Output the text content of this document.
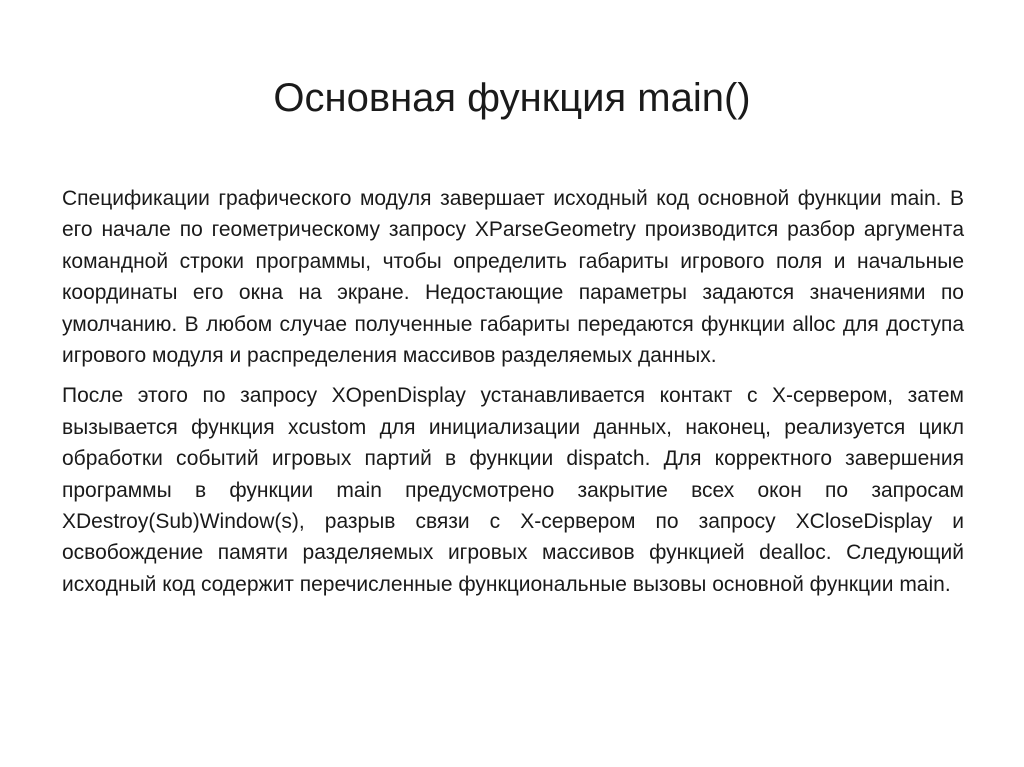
Основная функция main()

Спецификации графического модуля завершает исходный код основной функции main. В его начале по геометрическому запросу XParseGeometry производится разбор аргумента командной строки программы, чтобы определить габариты игрового поля и начальные координаты его окна на экране. Недостающие параметры задаются значениями по умолчанию. В любом случае полученные габариты передаются функции alloc для доступа игрового модуля и распределения массивов разделяемых данных.

После этого по запросу XOpenDisplay устанавливается контакт с X-сервером, затем вызывается функция xcustom для инициализации данных, наконец, реализуется цикл обработки событий игровых партий в функции dispatch. Для корректного завершения программы в функции main предусмотрено закрытие всех окон по запросам XDestroy(Sub)Window(s), разрыв связи с X-сервером по запросу XCloseDisplay и освобождение памяти разделяемых игровых массивов функцией dealloc. Следующий исходный код содержит перечисленные функциональные вызовы основной функции main.
